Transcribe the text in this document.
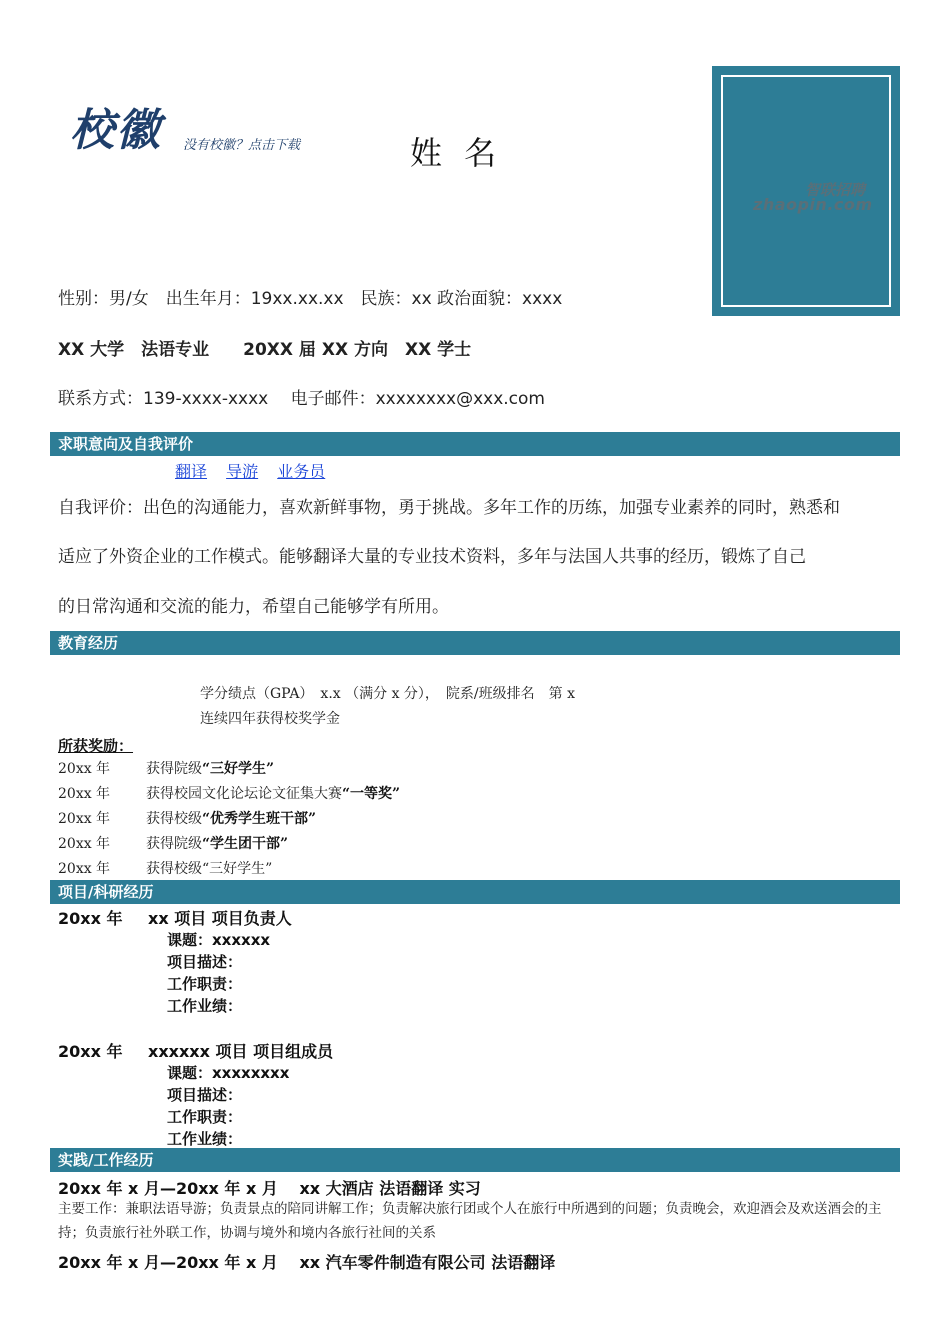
校徽 没有校徽？点击下载	姓 名
智联招聘
zhaopin.com
性别：男/女　出生年月：19xx.xx.xx　民族：xx 政治面貌：xxxx
XX 大学　法语专业　　20XX 届 XX 方向　XX 学士
联系方式：139-xxxx-xxxx　 电子邮件：xxxxxxxx@xxx.com
求职意向及自我评价
翻译 导游 业务员
自我评价：出色的沟通能力，喜欢新鲜事物，勇于挑战。多年工作的历练，加强专业素养的同时，熟悉和
适应了外资企业的工作模式。能够翻译大量的专业技术资料，多年与法国人共事的经历，锻炼了自己
的日常沟通和交流的能力，希望自己能够学有所用。
教育经历
学分绩点（GPA）　x.x （满分 x 分），　院系/班级排名　第 x
连续四年获得校奖学金
所获奖励：
20xx 年	获得院级“三好学生”
20xx 年	获得校园文化论坛论文征集大赛“一等奖”
20xx 年	获得校级“优秀学生班干部”
20xx 年	获得院级“学生团干部”
20xx 年	获得校级“三好学生”
项目/科研经历
20xx 年 xx 项目 项目负责人
课题：xxxxxx
项目描述：
工作职责：
工作业绩：
20xx 年 xxxxxx 项目 项目组成员
课题：xxxxxxxx
项目描述：
工作职责：
工作业绩：
实践/工作经历
20xx 年 x 月—20xx 年 x 月　 xx 大酒店 法语翻译 实习
主要工作：兼职法语导游；负责景点的陪同讲解工作；负责解决旅行团或个人在旅行中所遇到的问题；负责晚会，欢迎酒会及欢送酒会的主持；负责旅行社外联工作，协调与境外和境内各旅行社间的关系
20xx 年 x 月—20xx 年 x 月　 xx 汽车零件制造有限公司 法语翻译
